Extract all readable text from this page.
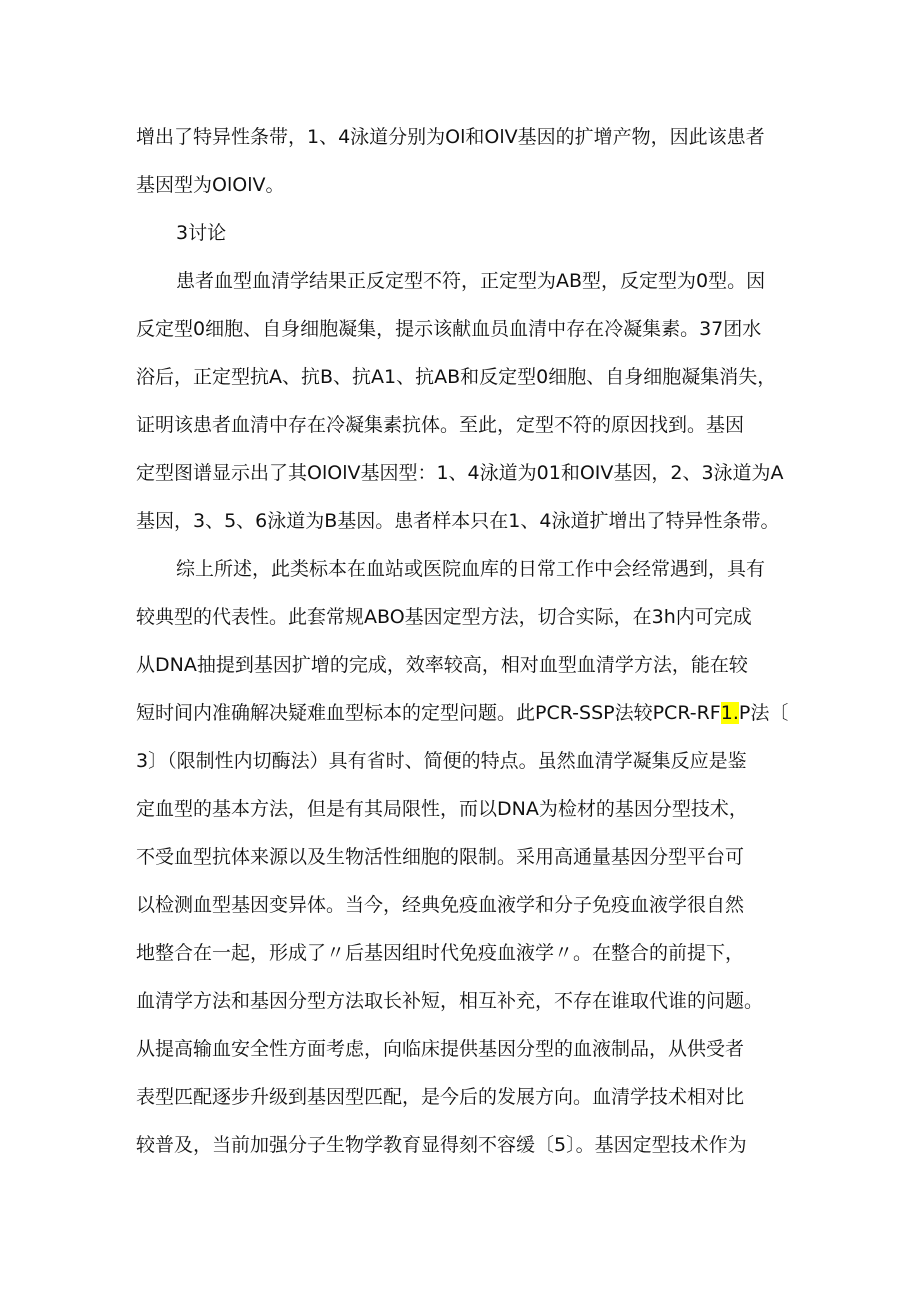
增出了特异性条带，1、4泳道分别为Ol和OlV基因的扩增产物，因此该患者
基因型为OlOlV。
3讨论
患者血型血清学结果正反定型不符，正定型为AB型，反定型为0型。因
反定型0细胞、自身细胞凝集，提示该献血员血清中存在冷凝集素。37团水
浴后，正定型抗A、抗B、抗A1、抗AB和反定型0细胞、自身细胞凝集消失，
证明该患者血清中存在冷凝集素抗体。至此，定型不符的原因找到。基因
定型图谱显示出了其OlOlV基因型：1、4泳道为01和OIV基因，2、3泳道为A
基因，3、5、6泳道为B基因。患者样本只在1、4泳道扩增出了特异性条带。
综上所述，此类标本在血站或医院血库的日常工作中会经常遇到，具有
较典型的代表性。此套常规ABO基因定型方法，切合实际，在3h内可完成
从DNA抽提到基因扩增的完成，效率较高，相对血型血清学方法，能在较
短时间内准确解决疑难血型标本的定型问题。此PCR-SSP法较PCR-RF1.P法〔
3〕（限制性内切酶法）具有省时、简便的特点。虽然血清学凝集反应是鉴
定血型的基本方法，但是有其局限性，而以DNA为检材的基因分型技术，
不受血型抗体来源以及生物活性细胞的限制。采用高通量基因分型平台可
以检测血型基因变异体。当今，经典免疫血液学和分子免疫血液学很自然
地整合在一起，形成了〃后基因组时代免疫血液学〃。在整合的前提下，
血清学方法和基因分型方法取长补短，相互补充，不存在谁取代谁的问题。
从提高输血安全性方面考虑，向临床提供基因分型的血液制品，从供受者
表型匹配逐步升级到基因型匹配，是今后的发展方向。血清学技术相对比
较普及，当前加强分子生物学教育显得刻不容缓〔5〕。基因定型技术作为
